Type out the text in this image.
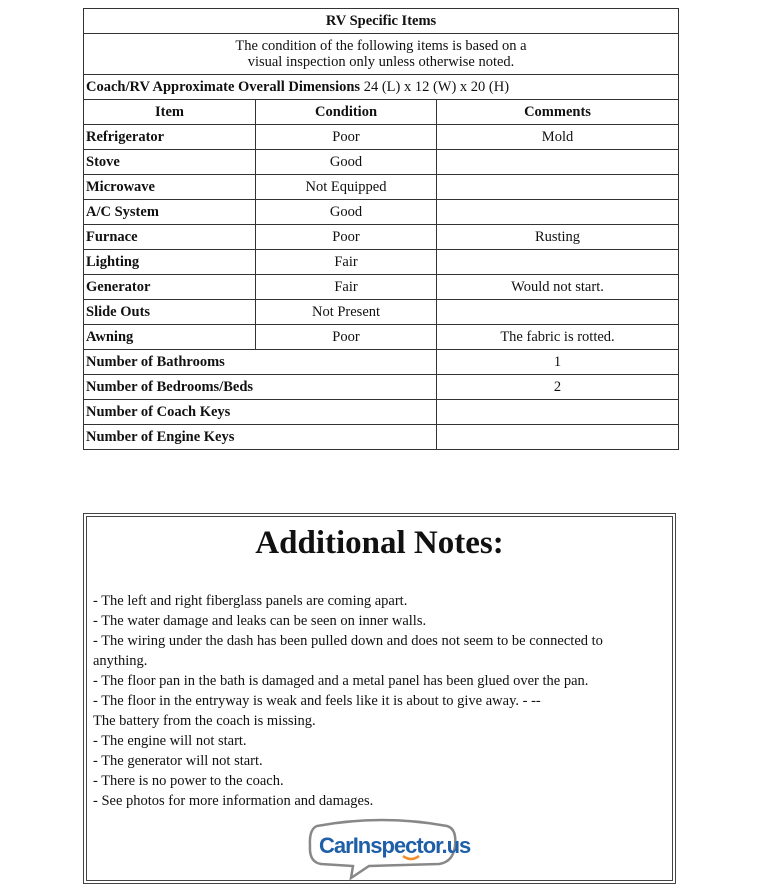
RV Specific Items		
The condition of the following items is based on a
visual inspection only unless otherwise noted.		
Coach/RV Approximate Overall Dimensions 24 (L) x 12 (W) x 20 (H)		
Item	Condition	Comments
Refrigerator	Poor	Mold
Stove	Good	
Microwave	Not Equipped	
A/C System	Good	
Furnace	Poor	Rusting
Lighting	Fair	
Generator	Fair	Would not start.
Slide Outs	Not Present	
Awning	Poor	The fabric is rotted.
Number of Bathrooms		1
Number of Bedrooms/Beds		2
Number of Coach Keys		
Number of Engine Keys		
Additional Notes:
- The left and right fiberglass panels are coming apart.
- The water damage and leaks can be seen on inner walls.
- The wiring under the dash has been pulled down and does not seem to be connected to
anything.
- The floor pan in the bath is damaged and a metal panel has been glued over the pan.
- The floor in the entryway is weak and feels like it is about to give away. - --
The battery from the coach is missing.
- The engine will not start.
- The generator will not start.
- There is no power to the coach.
- See photos for more information and damages.
CarInspector.us
